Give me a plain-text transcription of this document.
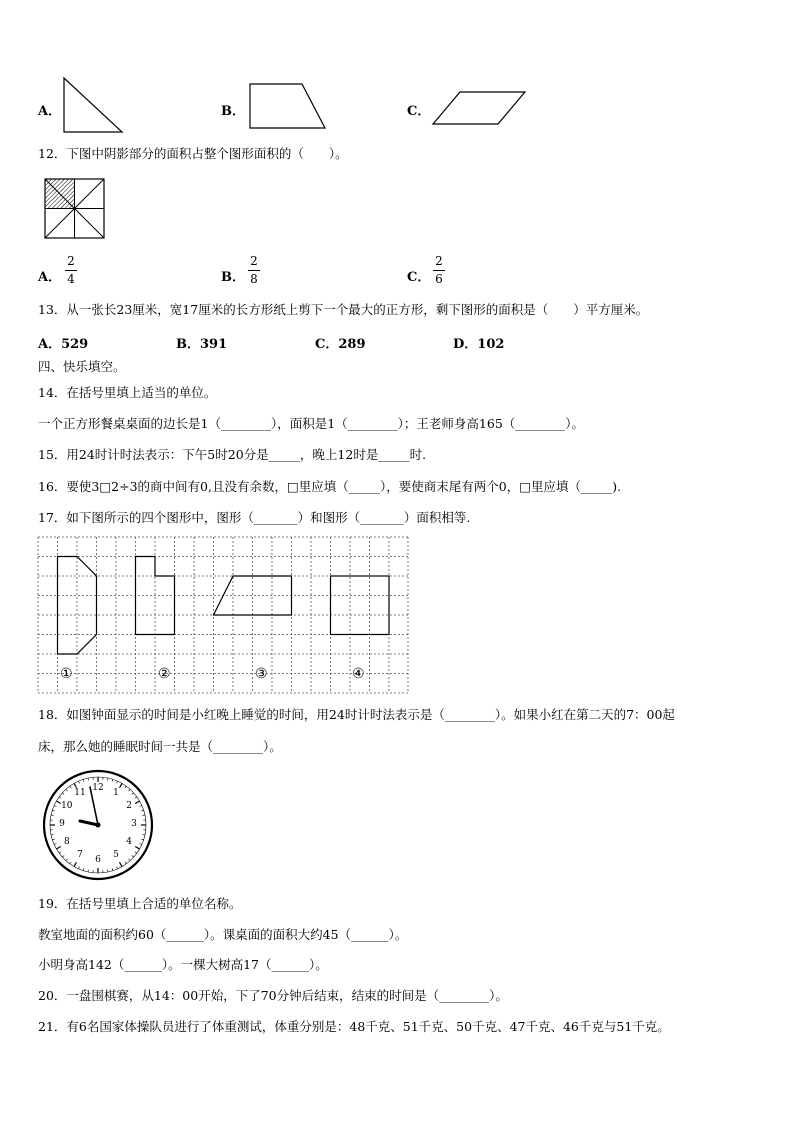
A．	B．	C．
12．下图中阴影部分的面积占整个图形面积的（　　）。
A．
2
4	B．
2
8	C．
2
6
13．从一张长23厘米，宽17厘米的长方形纸上剪下一个最大的正方形，剩下图形的面积是（　　）平方厘米。
A．529	B．391	C．289	D．102
四、快乐填空。
14．在括号里填上适当的单位。
一个正方形餐桌桌面的边长是1（________），面积是1（________）；王老师身高165（________）。
15．用24时计时法表示：下午5时20分是_____，晚上12时是_____时.
16．要使3□2÷3的商中间有0,且没有余数，□里应填（_____），要使商末尾有两个0，□里应填（_____).
17．如下图所示的四个图形中，图形（_______）和图形（_______）面积相等.
①	②	③	④
18．如图钟面显示的时间是小红晚上睡觉的时间，用24时计时法表示是（________）。如果小红在第二天的7：00起
床，那么她的睡眠时间一共是（________）。
12	1
2
3
4
5
6
7
8
9
10
11
19．在括号里填上合适的单位名称。
教室地面的面积约60（______）。课桌面的面积大约45（______）。
小明身高142（______）。一棵大树高17（______）。
20．一盘围棋赛，从14：00开始，下了70分钟后结束，结束的时间是（________）。
21．有6名国家体操队员进行了体重测试，体重分别是：48千克、51千克、50千克、47千克、46千克与51千克。
